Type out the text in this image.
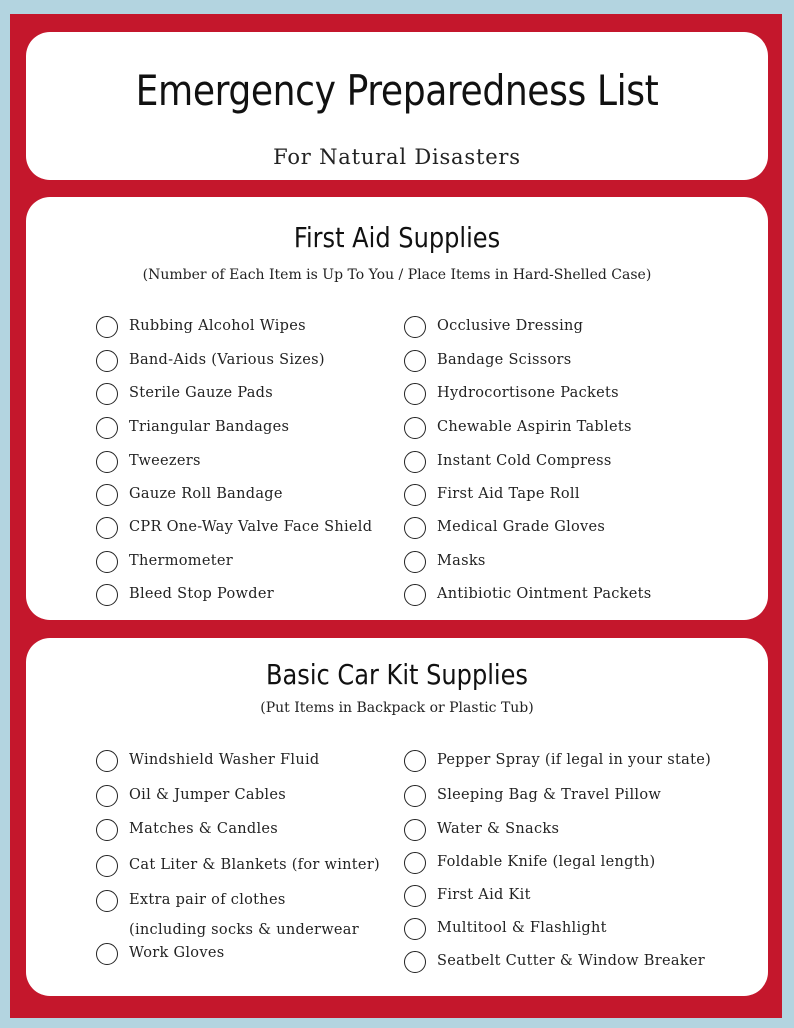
Emergency Preparedness List
For Natural Disasters
First Aid Supplies
(Number of Each Item is Up To You / Place Items in Hard-Shelled Case)
Rubbing Alcohol Wipes
Band-Aids (Various Sizes)
Sterile Gauze Pads
Triangular Bandages
Tweezers
Gauze Roll Bandage
CPR One-Way Valve Face Shield
Thermometer
Bleed Stop Powder
Occlusive Dressing
Bandage Scissors
Hydrocortisone Packets
Chewable Aspirin Tablets
Instant Cold Compress
First Aid Tape Roll
Medical Grade Gloves
Masks
Antibiotic Ointment Packets
Basic Car Kit Supplies
(Put Items in Backpack or Plastic Tub)
Windshield Washer Fluid
Oil & Jumper Cables
Matches & Candles
Cat Liter & Blankets (for winter)
Extra pair of clothes (including socks & underwear
Work Gloves
Pepper Spray (if legal in your state)
Sleeping Bag & Travel Pillow
Water & Snacks
Foldable Knife (legal length)
First Aid Kit
Multitool & Flashlight
Seatbelt Cutter & Window Breaker
